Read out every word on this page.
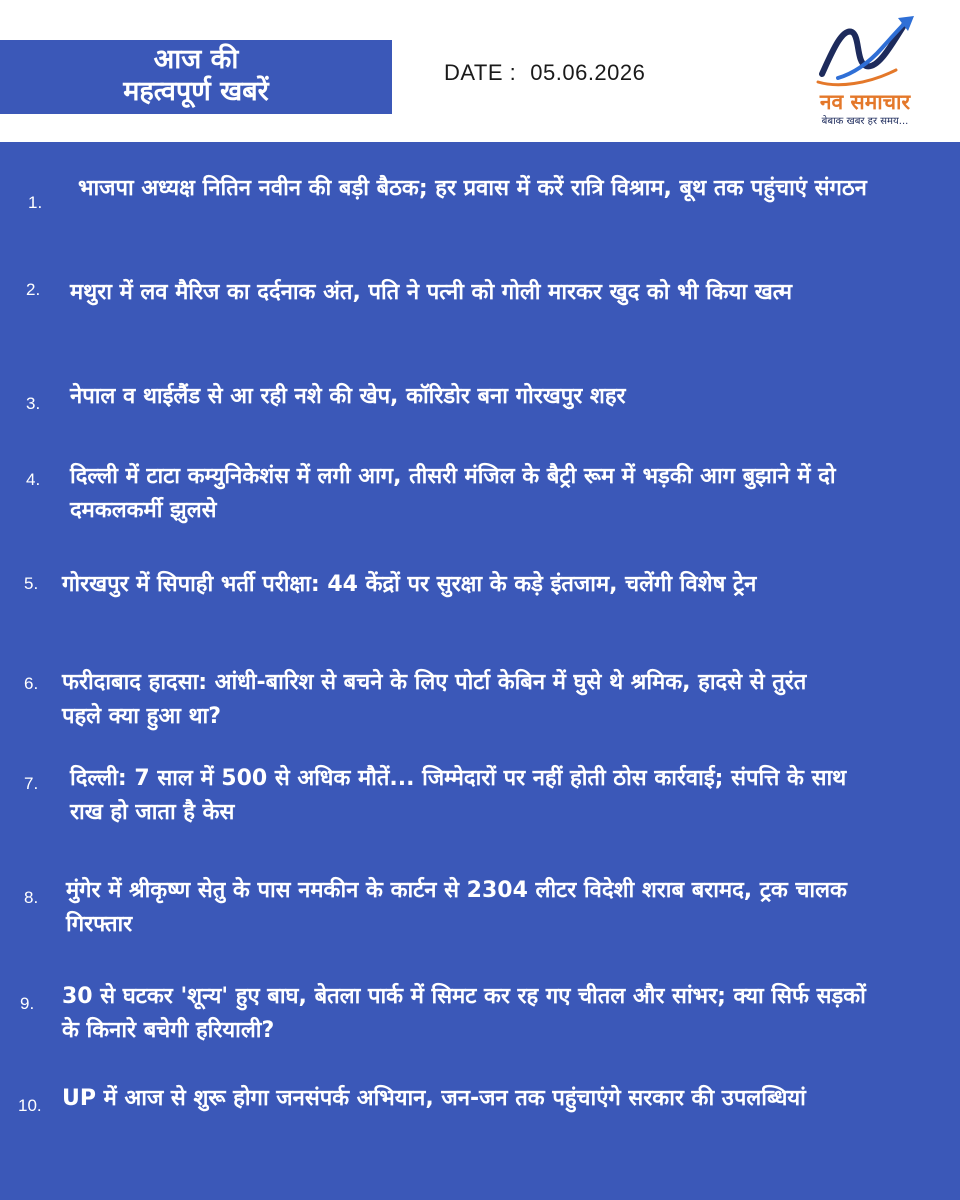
आज की
महत्वपूर्ण खबरें
DATE : 05.06.2026
नव समाचार
बेबाक खबर हर समय...
1.
भाजपा अध्यक्ष नितिन नवीन की बड़ी बैठक; हर प्रवास में करें रात्रि विश्राम, बूथ तक पहुंचाएं संगठन
2. मथुरा में लव मैरिज का दर्दनाक अंत, पति ने पत्नी को गोली मारकर खुद को भी किया खत्म
3. नेपाल व थाईलैंड से आ रही नशे की खेप, कॉरिडोर बना गोरखपुर शहर
4. दिल्ली में टाटा कम्युनिकेशंस में लगी आग, तीसरी मंजिल के बैट्री रूम में भड़की आग बुझाने में दो दमकलकर्मी झुलसे
5. गोरखपुर में सिपाही भर्ती परीक्षा: 44 केंद्रों पर सुरक्षा के कड़े इंतजाम, चलेंगी विशेष ट्रेन
6. फरीदाबाद हादसा: आंधी-बारिश से बचने के लिए पोर्टा केबिन में घुसे थे श्रमिक, हादसे से तुरंत पहले क्या हुआ था?
7. दिल्ली: 7 साल में 500 से अधिक मौतें... जिम्मेदारों पर नहीं होती ठोस कार्रवाई; संपत्ति के साथ राख हो जाता है केस
8. मुंगेर में श्रीकृष्ण सेतु के पास नमकीन के कार्टन से 2304 लीटर विदेशी शराब बरामद, ट्रक चालक गिरफ्तार
9. 30 से घटकर 'शून्य' हुए बाघ, बेतला पार्क में सिमट कर रह गए चीतल और सांभर; क्या सिर्फ सड़कों के किनारे बचेगी हरियाली?
10. UP में आज से शुरू होगा जनसंपर्क अभियान, जन-जन तक पहुंचाएंगे सरकार की उपलब्धियां
